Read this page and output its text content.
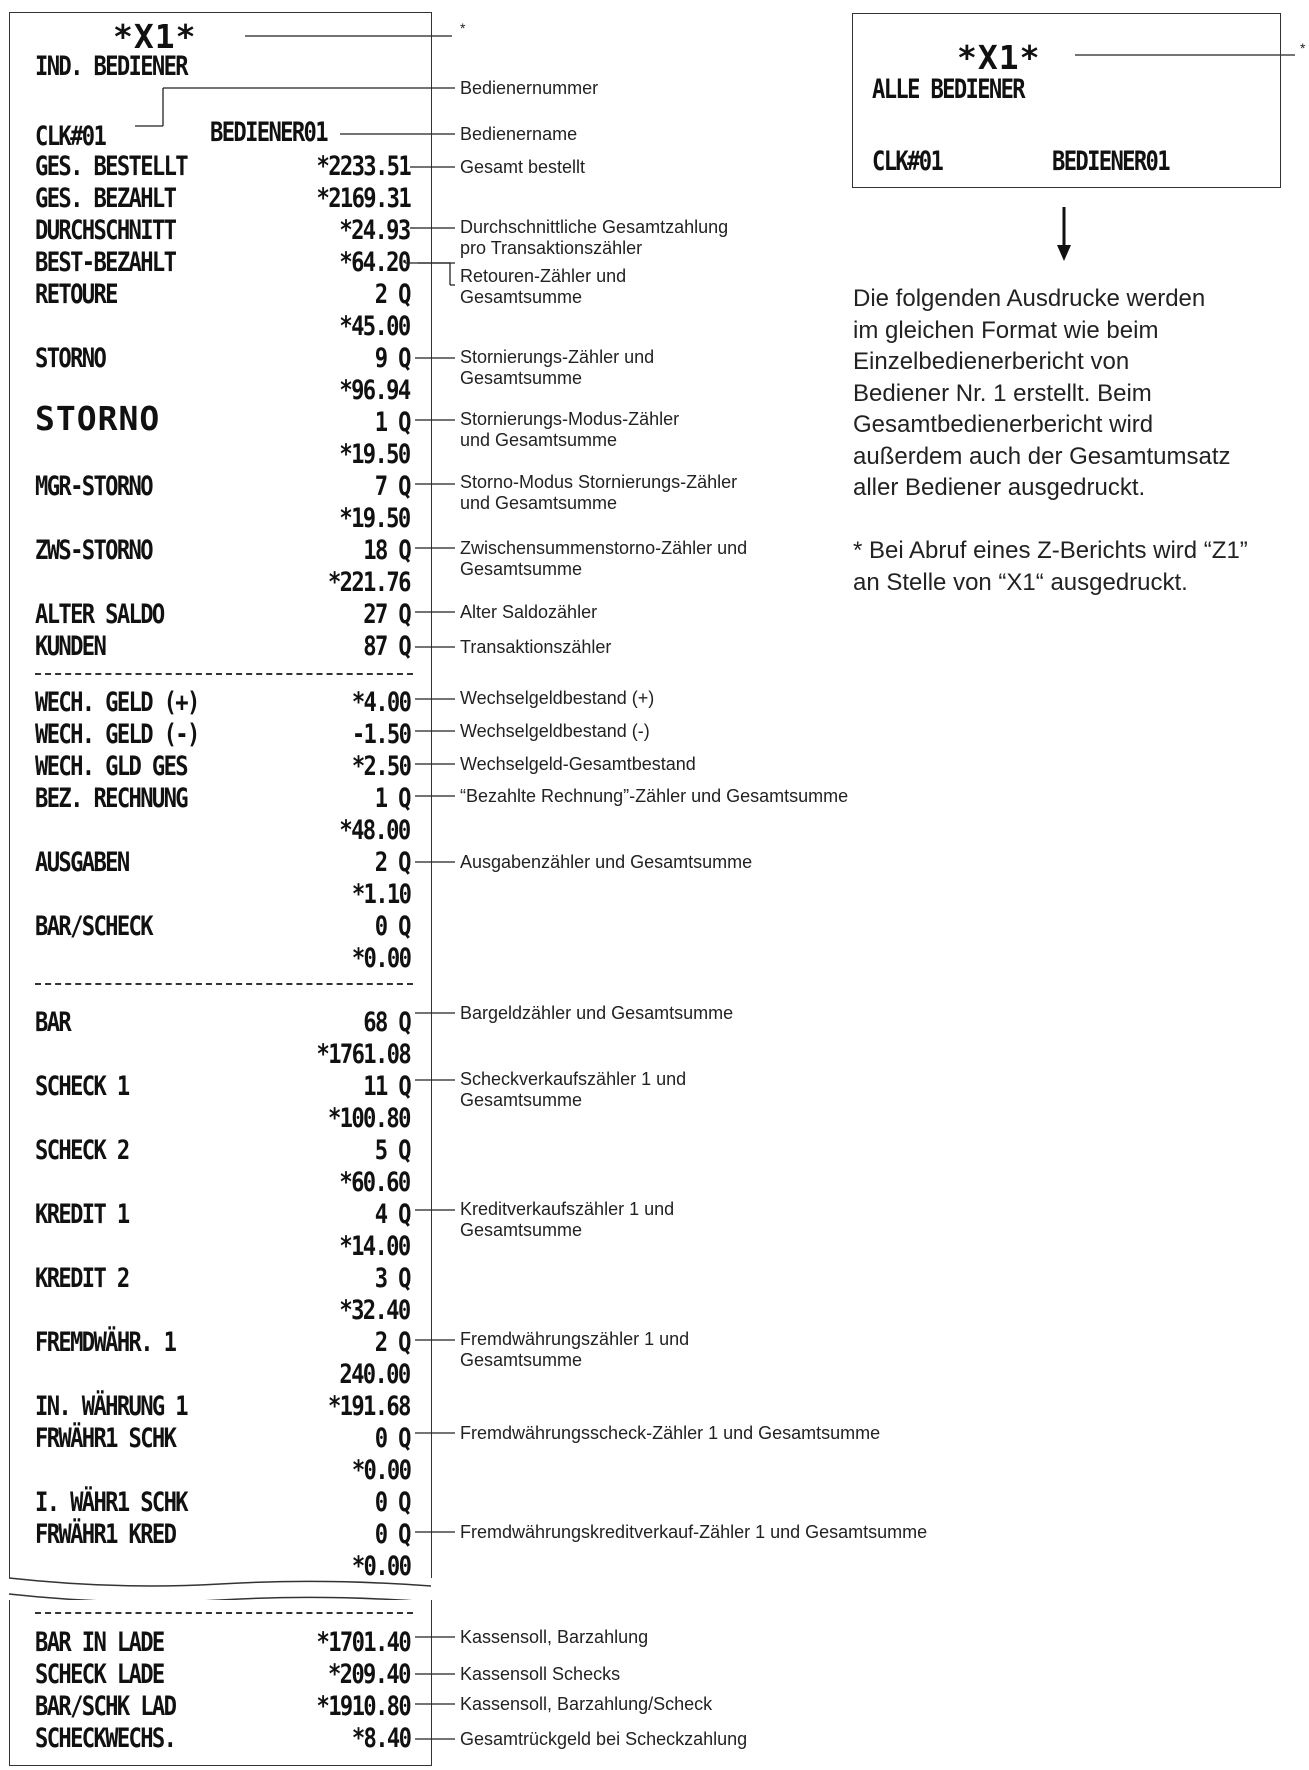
*X1*
IND. BEDIENER
CLK#01	BEDIENER01
GES. BESTELLT	*2233.51
GES. BEZAHLT	*2169.31
DURCHSCHNITT	*24.93
BEST-BEZAHLT	*64.20
RETOURE	2 Q
*45.00
STORNO	9 Q
*96.94
STORNO	1 Q
*19.50
MGR-STORNO	7 Q
*19.50
ZWS-STORNO	18 Q
*221.76
ALTER SALDO	27 Q
KUNDEN	87 Q
WECH. GELD (+)	*4.00
WECH. GELD (-)	-1.50
WECH. GLD GES	*2.50
BEZ. RECHNUNG	1 Q
*48.00
AUSGABEN	2 Q
*1.10
BAR/SCHECK	0 Q
*0.00
BAR	68 Q
*1761.08
SCHECK 1	11 Q
*100.80
SCHECK 2	5 Q
*60.60
KREDIT 1	4 Q
*14.00
KREDIT 2	3 Q
*32.40
FREMDWÄHR. 1	2 Q
240.00
IN. WÄHRUNG 1	*191.68
FRWÄHR1 SCHK	0 Q
*0.00
I. WÄHR1 SCHK	0 Q
FRWÄHR1 KRED	0 Q
*0.00
BAR IN LADE	*1701.40
SCHECK LADE	*209.40
BAR/SCHK LAD	*1910.80
SCHECKWECHS.	*8.40
*
Bedienernummer
Bedienername
Gesamt bestellt
Durchschnittliche Gesamtzahlung
pro Transaktionszähler
Retouren-Zähler und
Gesamtsumme
Stornierungs-Zähler und
Gesamtsumme
Stornierungs-Modus-Zähler
und Gesamtsumme
Storno-Modus Stornierungs-Zähler
und Gesamtsumme
Zwischensummenstorno-Zähler und
Gesamtsumme
Alter Saldozähler
Transaktionszähler
Wechselgeldbestand (+)
Wechselgeldbestand (-)
Wechselgeld-Gesamtbestand
“Bezahlte Rechnung”-Zähler und Gesamtsumme
Ausgabenzähler und Gesamtsumme
Bargeldzähler und Gesamtsumme
Scheckverkaufszähler 1 und
Gesamtsumme
Kreditverkaufszähler 1 und
Gesamtsumme
Fremdwährungszähler 1 und
Gesamtsumme
Fremdwährungsscheck-Zähler 1 und Gesamtsumme
Fremdwährungskreditverkauf-Zähler 1 und Gesamtsumme
Kassensoll, Barzahlung
Kassensoll Schecks
Kassensoll, Barzahlung/Scheck
Gesamtrückgeld bei Scheckzahlung
*X1*
ALLE BEDIENER
CLK#01	BEDIENER01
*
Die folgenden Ausdrucke werden
im gleichen Format wie beim
Einzelbedienerbericht von
Bediener Nr. 1 erstellt. Beim
Gesamtbedienerbericht wird
außerdem auch der Gesamtumsatz
aller Bediener ausgedruckt.
* Bei Abruf eines Z-Berichts wird “Z1”
an Stelle von “X1“ ausgedruckt.
